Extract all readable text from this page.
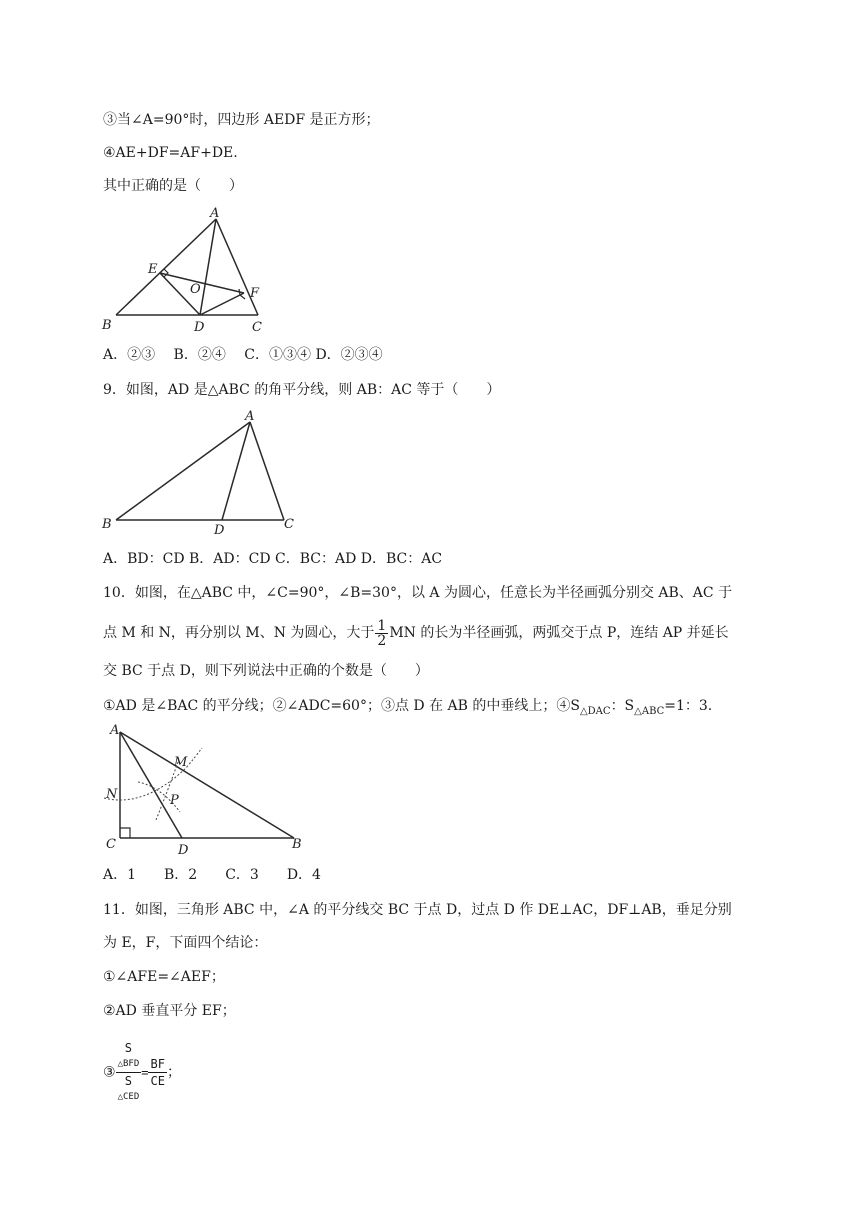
③当∠A=90°时，四边形 AEDF 是正方形；
④AE+DF=AF+DE.
其中正确的是（　　）
A
B	C
D
E
F
O
A．②③　 B．②④　 C．①③④ D．②③④
9．如图，AD 是△ABC 的角平分线，则 AB：AC 等于（　　）
A
B	C
D
A．BD：CD B．AD：CD C．BC：AD D．BC：AC
10．如图，在△ABC 中，∠C=90°，∠B=30°，以 A 为圆心，任意长为半径画弧分别交 AB、AC 于
点 M 和 N，再分别以 M、N 为圆心，大于 $\frac{1}{2}$ MN 的长为半径画弧，两弧交于点 P，连结 AP 并延长
交 BC 于点 D，则下列说法中正确的个数是（　　）
①AD 是∠BAC 的平分线；②∠ADC=60°；③点 D 在 AB 的中垂线上；$④S_{\triangle DAC}$：$S_{\triangle ABC}=1$：3.
A
C	B
D
M
N	P
A．1　　B．2　　C．3　　D．4
11．如图，三角形 ABC 中，∠A 的平分线交 BC 于点 D，过点 D 作 DE⊥AC，DF⊥AB，垂足分别
为 E，F，下面四个结论：
①∠AFE=∠AEF；
②AD 垂直平分 EF；
③
S
△BFD
S
△CED
= $\frac{BF}{CE}$ ；
